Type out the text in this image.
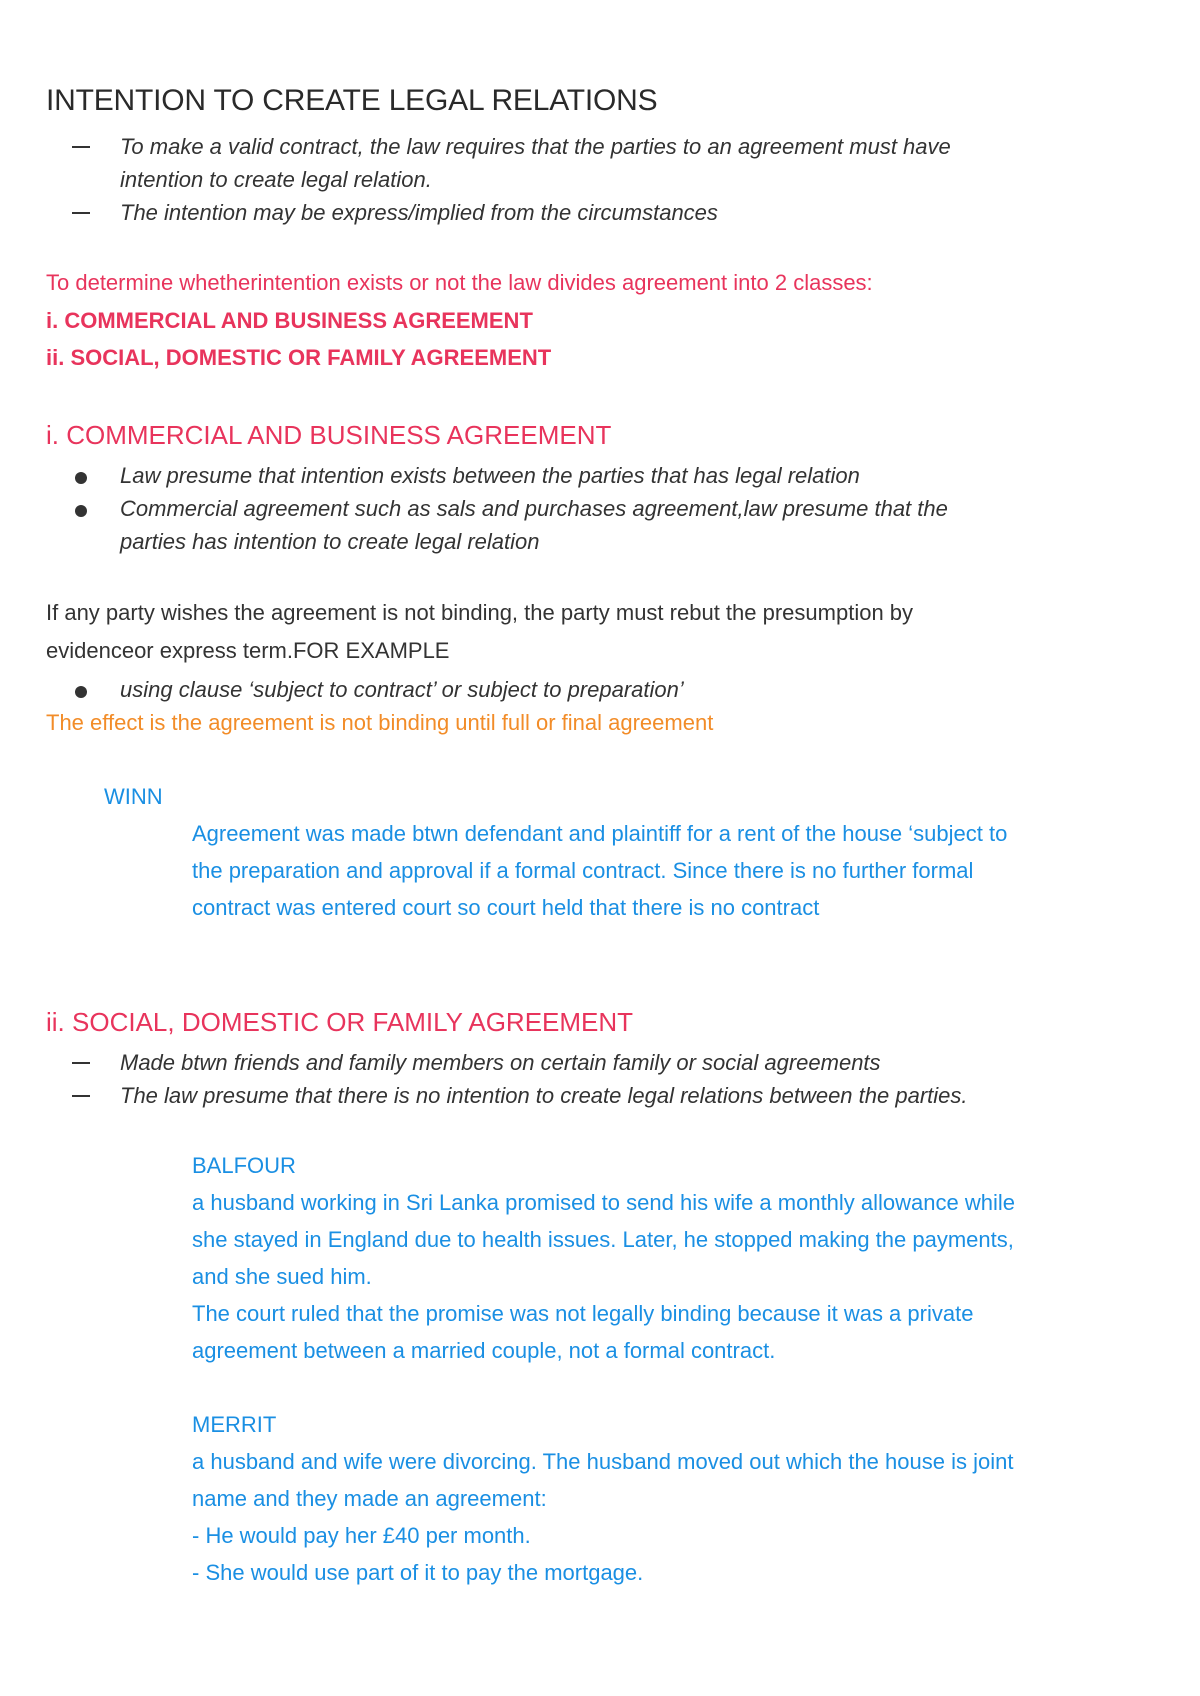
INTENTION TO CREATE LEGAL RELATIONS
To make a valid contract, the law requires that the parties to an agreement must have
intention to create legal relation.
The intention may be express/implied from the circumstances
To determine whetherintention exists or not the law divides agreement into 2 classes:
i. COMMERCIAL AND BUSINESS AGREEMENT
ii. SOCIAL, DOMESTIC OR FAMILY AGREEMENT
i. COMMERCIAL AND BUSINESS AGREEMENT
Law presume that intention exists between the parties that has legal relation
Commercial agreement such as sals and purchases agreement,law presume that the
parties has intention to create legal relation
If any party wishes the agreement is not binding, the party must rebut the presumption by
evidenceor express term.FOR EXAMPLE
using clause ‘subject to contract’ or subject to preparation’
The effect is the agreement is not binding until full or final agreement
WINN
Agreement was made btwn defendant and plaintiff for a rent of the house ‘subject to
the preparation and approval if a formal contract. Since there is no further formal
contract was entered court so court held that there is no contract
ii. SOCIAL, DOMESTIC OR FAMILY AGREEMENT
Made btwn friends and family members on certain family or social agreements
The law presume that there is no intention to create legal relations between the parties.
BALFOUR
a husband working in Sri Lanka promised to send his wife a monthly allowance while
she stayed in England due to health issues. Later, he stopped making the payments,
and she sued him.
The court ruled that the promise was not legally binding because it was a private
agreement between a married couple, not a formal contract.
MERRIT
a husband and wife were divorcing. The husband moved out which the house is joint
name and they made an agreement:
- He would pay her £40 per month.
- She would use part of it to pay the mortgage.
